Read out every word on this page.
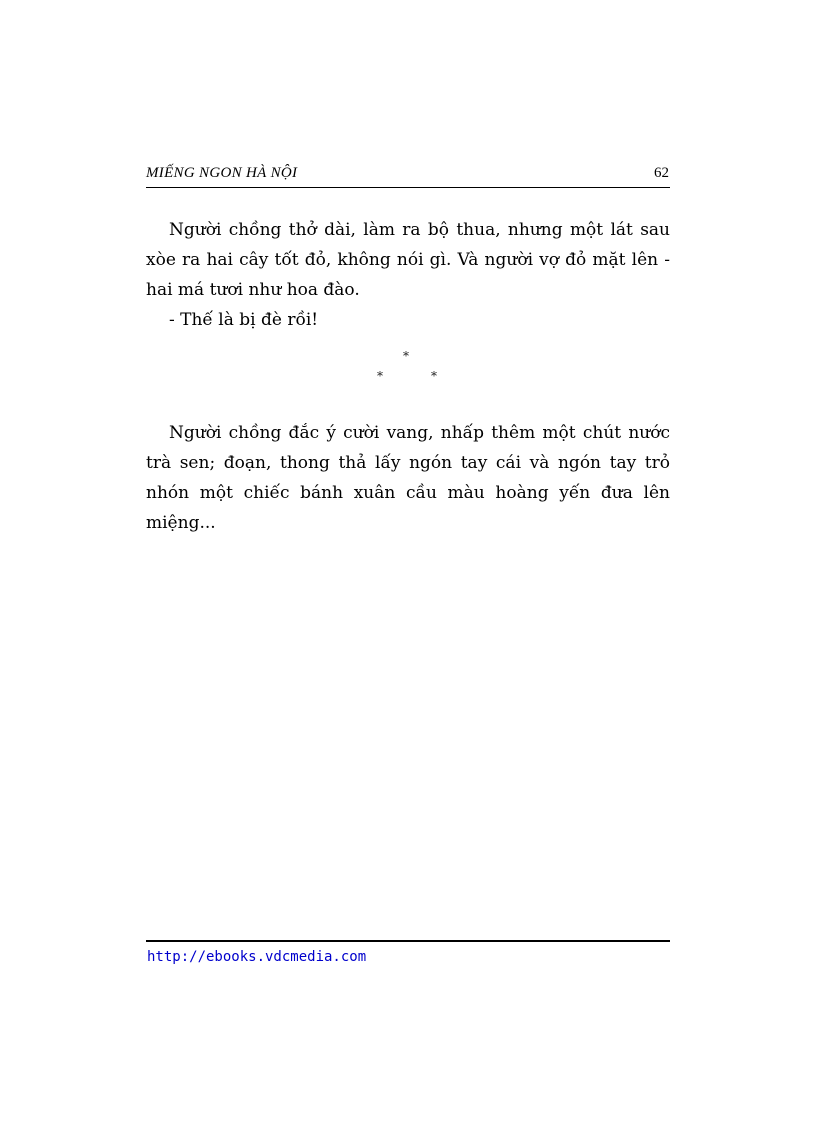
MIẾNG NGON HÀ NỘI	62

Người chồng thở dài, làm ra bộ thua, nhưng một lát sau xòe ra hai cây tốt đỏ, không nói gì. Và người vợ đỏ mặt lên - hai má tươi như hoa đào.

- Thế là bị đè rồi!

*
*	*

Người chồng đắc ý cười vang, nhấp thêm một chút nước trà sen; đoạn, thong thả lấy ngón tay cái và ngón tay trỏ nhón một chiếc bánh xuân cầu màu hoàng yến đưa lên miệng...

http://ebooks.vdcmedia.com
